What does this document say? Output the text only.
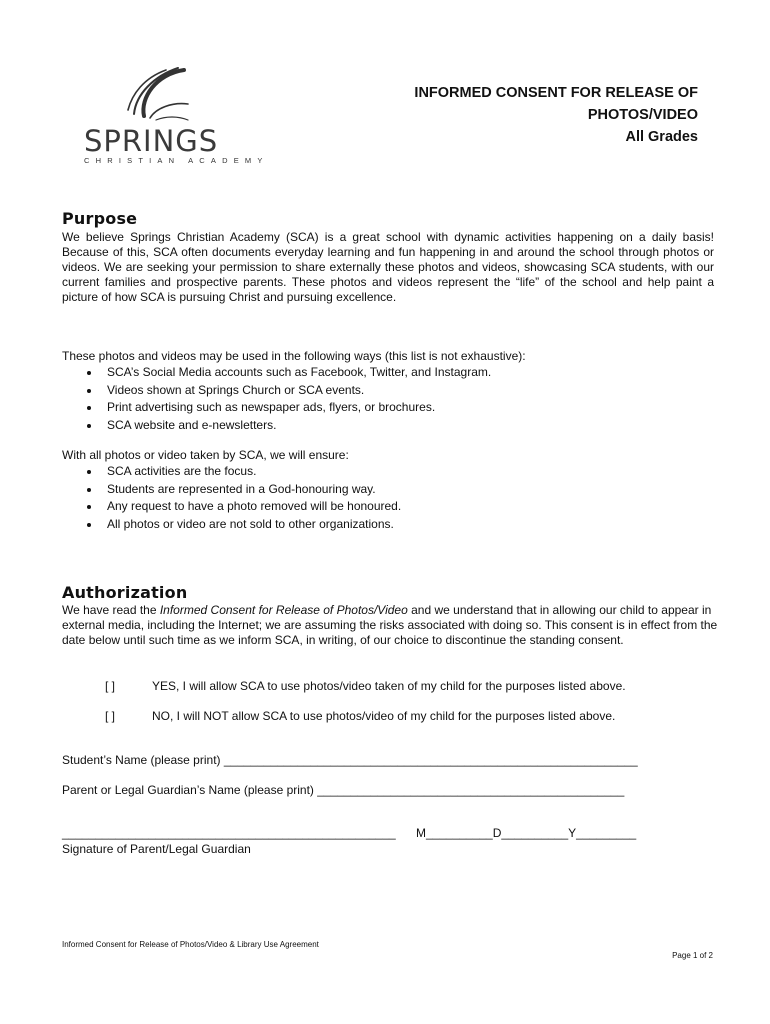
SPRINGS
CHRISTIAN ACADEMY
INFORMED CONSENT FOR RELEASE OF
PHOTOS/VIDEO
All Grades
Purpose

We believe Springs Christian Academy (SCA) is a great school with dynamic activities happening on a daily basis! Because of this, SCA often documents everyday learning and fun happening in and around the school through photos or videos. We are seeking your permission to share externally these photos and videos, showcasing SCA students, with our current families and prospective parents. These photos and videos represent the “life” of the school and help paint a picture of how SCA is pursuing Christ and pursuing excellence.

These photos and videos may be used in the following ways (this list is not exhaustive):

SCA’s Social Media accounts such as Facebook, Twitter, and Instagram.
Videos shown at Springs Church or SCA events.
Print advertising such as newspaper ads, flyers, or brochures.
SCA website and e-newsletters.

With all photos or video taken by SCA, we will ensure:

SCA activities are the focus.
Students are represented in a God-honouring way.
Any request to have a photo removed will be honoured.
All photos or video are not sold to other organizations.
Authorization

We have read the Informed Consent for Release of Photos/Video and we understand that in allowing our child to appear in external media, including the Internet; we are assuming the risks associated with doing so. This consent is in effect from the date below until such time as we inform SCA, in writing, of our choice to discontinue the standing consent.

[ ]	YES, I will allow SCA to use photos/video taken of my child for the purposes listed above.
[ ]	NO, I will NOT allow SCA to use photos/video of my child for the purposes listed above.
Student’s Name (please print) ______________________________________________________________
Parent or Legal Guardian’s Name (please print) ______________________________________________
__________________________________________________ M__________D__________Y_________
Signature of Parent/Legal Guardian
Informed Consent for Release of Photos/Video & Library Use Agreement
Page 1 of 2
